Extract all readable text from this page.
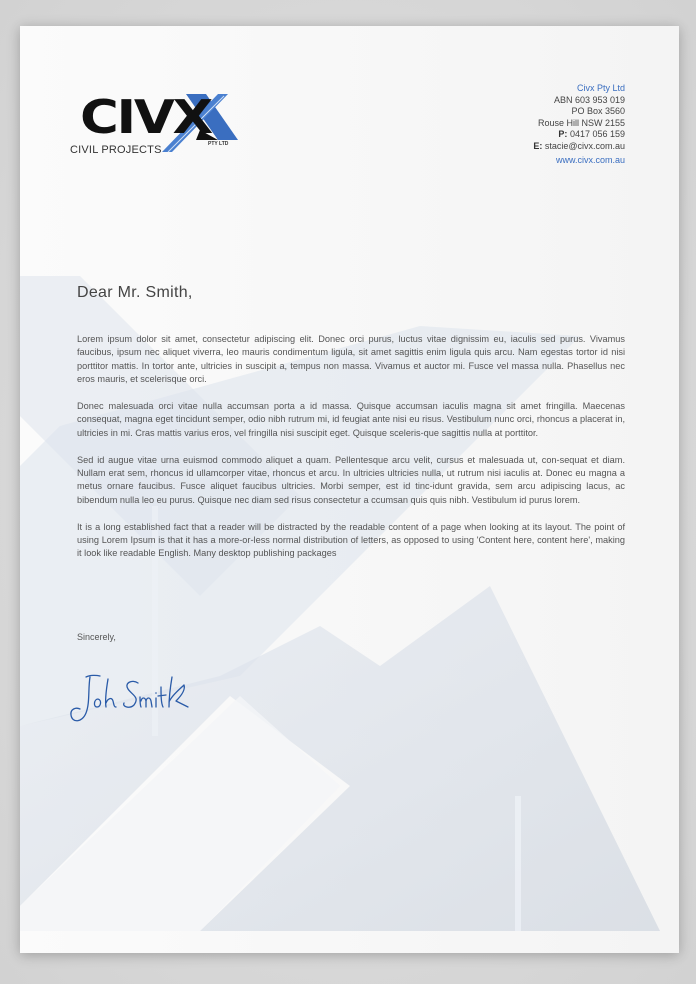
CIVX
CIVIL PROJECTS	PTY LTD
Civx Pty Ltd
ABN 603 953 019
PO Box 3560
Rouse Hill NSW 2155
P: 0417 056 159
E: stacie@civx.com.au
www.civx.com.au
Dear Mr. Smith,

Lorem ipsum dolor sit amet, consectetur adipiscing elit. Donec orci purus, luctus vitae dignissim eu, iaculis sed purus. Vivamus faucibus, ipsum nec aliquet viverra, leo mauris condimentum ligula, sit amet sagittis enim ligula quis arcu. Nam egestas tortor id nisi porttitor mattis. In tortor ante, ultricies in suscipit a, tempus non massa. Vivamus et auctor mi. Fusce vel massa nulla. Phasellus nec eros mauris, et scelerisque orci.

Donec malesuada orci vitae nulla accumsan porta a id massa. Quisque accumsan iaculis magna sit amet fringilla. Maecenas consequat, magna eget tincidunt semper, odio nibh rutrum mi, id feugiat ante nisi eu risus. Vestibulum nunc orci, rhoncus a placerat in, ultricies in mi. Cras mattis varius eros, vel fringilla nisi suscipit eget. Quisque sceleris-que sagittis nulla at porttitor.

Sed id augue vitae urna euismod commodo aliquet a quam. Pellentesque arcu velit, cursus et malesuada ut, con-sequat et diam. Nullam erat sem, rhoncus id ullamcorper vitae, rhoncus et arcu. In ultricies ultricies nulla, ut rutrum nisi iaculis at. Donec eu magna a metus ornare faucibus. Fusce aliquet faucibus ultricies. Morbi semper, est id tinc-idunt gravida, sem arcu adipiscing lacus, ac bibendum nulla leo eu purus. Quisque nec diam sed risus consectetur a ccumsan quis quis nibh. Vestibulum id purus lorem.

It is a long established fact that a reader will be distracted by the readable content of a page when looking at its layout. The point of using Lorem Ipsum is that it has a more-or-less normal distribution of letters, as opposed to using 'Content here, content here', making it look like readable English. Many desktop publishing packages

Sincerely,
